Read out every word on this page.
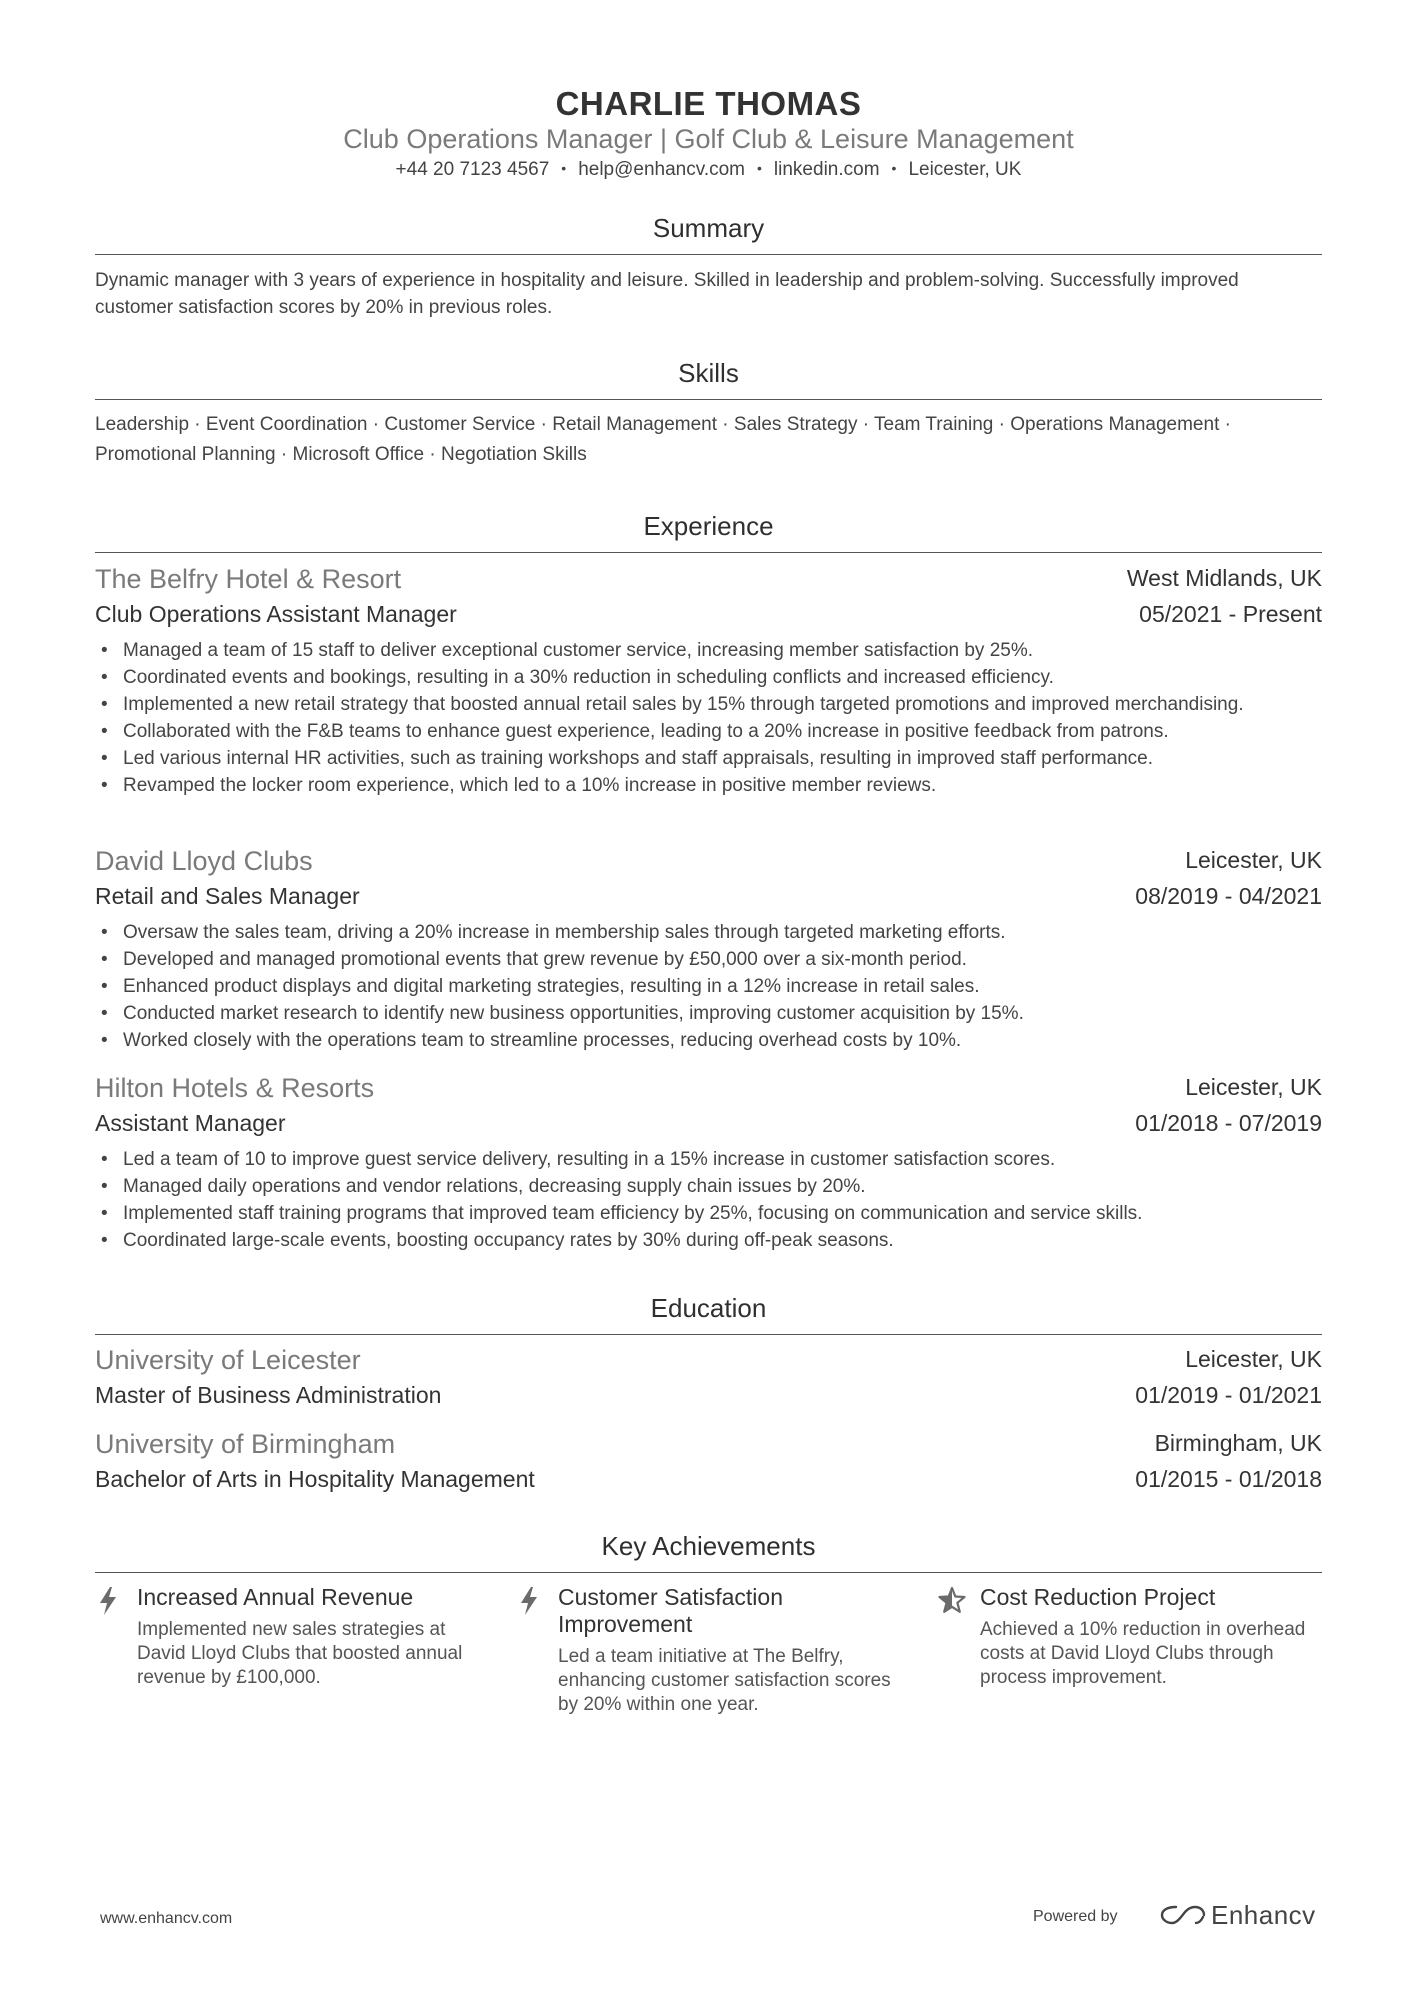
CHARLIE THOMAS
Club Operations Manager | Golf Club & Leisure Management
+44 20 7123 4567 • help@enhancv.com • linkedin.com • Leicester, UK
Summary
Dynamic manager with 3 years of experience in hospitality and leisure. Skilled in leadership and problem-solving. Successfully improved customer satisfaction scores by 20% in previous roles.
Skills
Leadership · Event Coordination · Customer Service · Retail Management · Sales Strategy · Team Training · Operations Management ·
Promotional Planning · Microsoft Office · Negotiation Skills
Experience
The Belfry Hotel & Resort	West Midlands, UK
Club Operations Assistant Manager	05/2021 - Present
• Managed a team of 15 staff to deliver exceptional customer service, increasing member satisfaction by 25%.
• Coordinated events and bookings, resulting in a 30% reduction in scheduling conflicts and increased efficiency.
• Implemented a new retail strategy that boosted annual retail sales by 15% through targeted promotions and improved merchandising.
• Collaborated with the F&B teams to enhance guest experience, leading to a 20% increase in positive feedback from patrons.
• Led various internal HR activities, such as training workshops and staff appraisals, resulting in improved staff performance.
• Revamped the locker room experience, which led to a 10% increase in positive member reviews.
David Lloyd Clubs	Leicester, UK
Retail and Sales Manager	08/2019 - 04/2021
• Oversaw the sales team, driving a 20% increase in membership sales through targeted marketing efforts.
• Developed and managed promotional events that grew revenue by £50,000 over a six-month period.
• Enhanced product displays and digital marketing strategies, resulting in a 12% increase in retail sales.
• Conducted market research to identify new business opportunities, improving customer acquisition by 15%.
• Worked closely with the operations team to streamline processes, reducing overhead costs by 10%.
Hilton Hotels & Resorts	Leicester, UK
Assistant Manager	01/2018 - 07/2019
• Led a team of 10 to improve guest service delivery, resulting in a 15% increase in customer satisfaction scores.
• Managed daily operations and vendor relations, decreasing supply chain issues by 20%.
• Implemented staff training programs that improved team efficiency by 25%, focusing on communication and service skills.
• Coordinated large-scale events, boosting occupancy rates by 30% during off-peak seasons.
Education
University of Leicester	Leicester, UK
Master of Business Administration	01/2019 - 01/2021
University of Birmingham	Birmingham, UK
Bachelor of Arts in Hospitality Management	01/2015 - 01/2018
Key Achievements
Increased Annual Revenue
Implemented new sales strategies at David Lloyd Clubs that boosted annual revenue by £100,000.
Customer Satisfaction Improvement
Led a team initiative at The Belfry, enhancing customer satisfaction scores by 20% within one year.
Cost Reduction Project
Achieved a 10% reduction in overhead costs at David Lloyd Clubs through process improvement.
www.enhancv.com	Powered by	Enhancv
